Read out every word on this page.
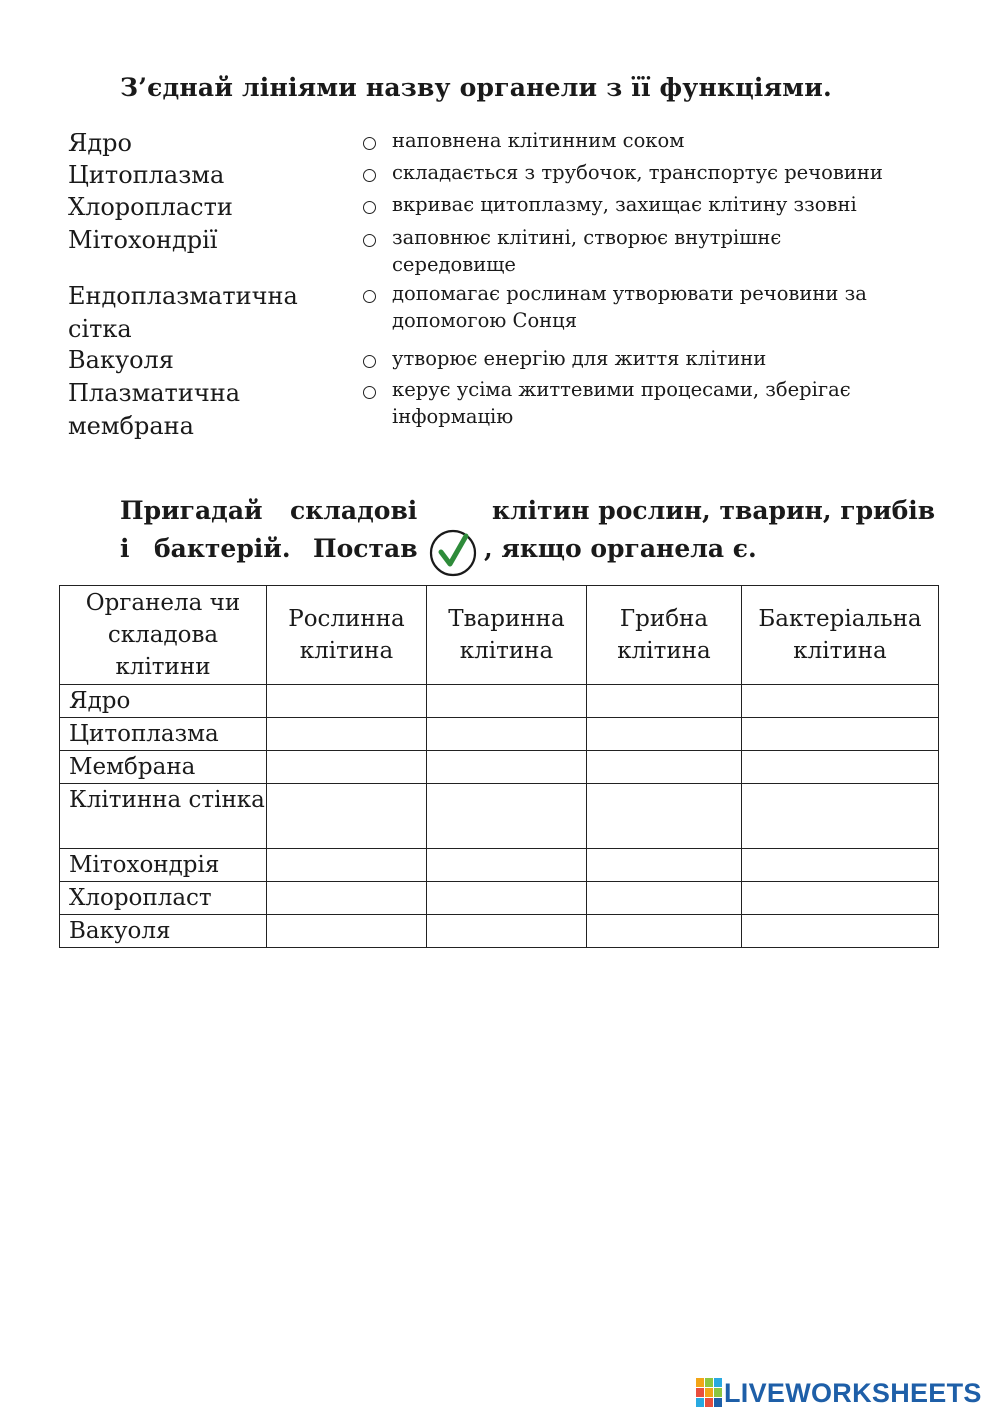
З’єднай лініями назву органели з її функціями.
Ядро
Цитоплазма
Хлоропласти
Мітохондрії
Ендоплазматична сітка
Вакуоля
Плазматична мембрана
наповнена клітинним соком
складається з трубочок, транспортує речовини
вкриває цитоплазму, захищає клітину ззовні
заповнює клітині, створює внутрішнє середовище
допомагає рослинам утворювати речовини за допомогою Сонця
утворює енергію для життя клітини
керує усіма життевими процесами, зберігає інформацію
Пригадай складові	клітин рослин, тварин, грибів
і бактерій. Постав	, якщо органела є.
Органела чи складова клітини	Рослинна клітина	Тваринна клітина	Грибна клітина	Бактеріальна клітина
Ядро				
Цитоплазма				
Мембрана				
Клітинна стінка				
Мітохондрія				
Хлоропласт				
Вакуоля				
LIVEWORKSHEETS
